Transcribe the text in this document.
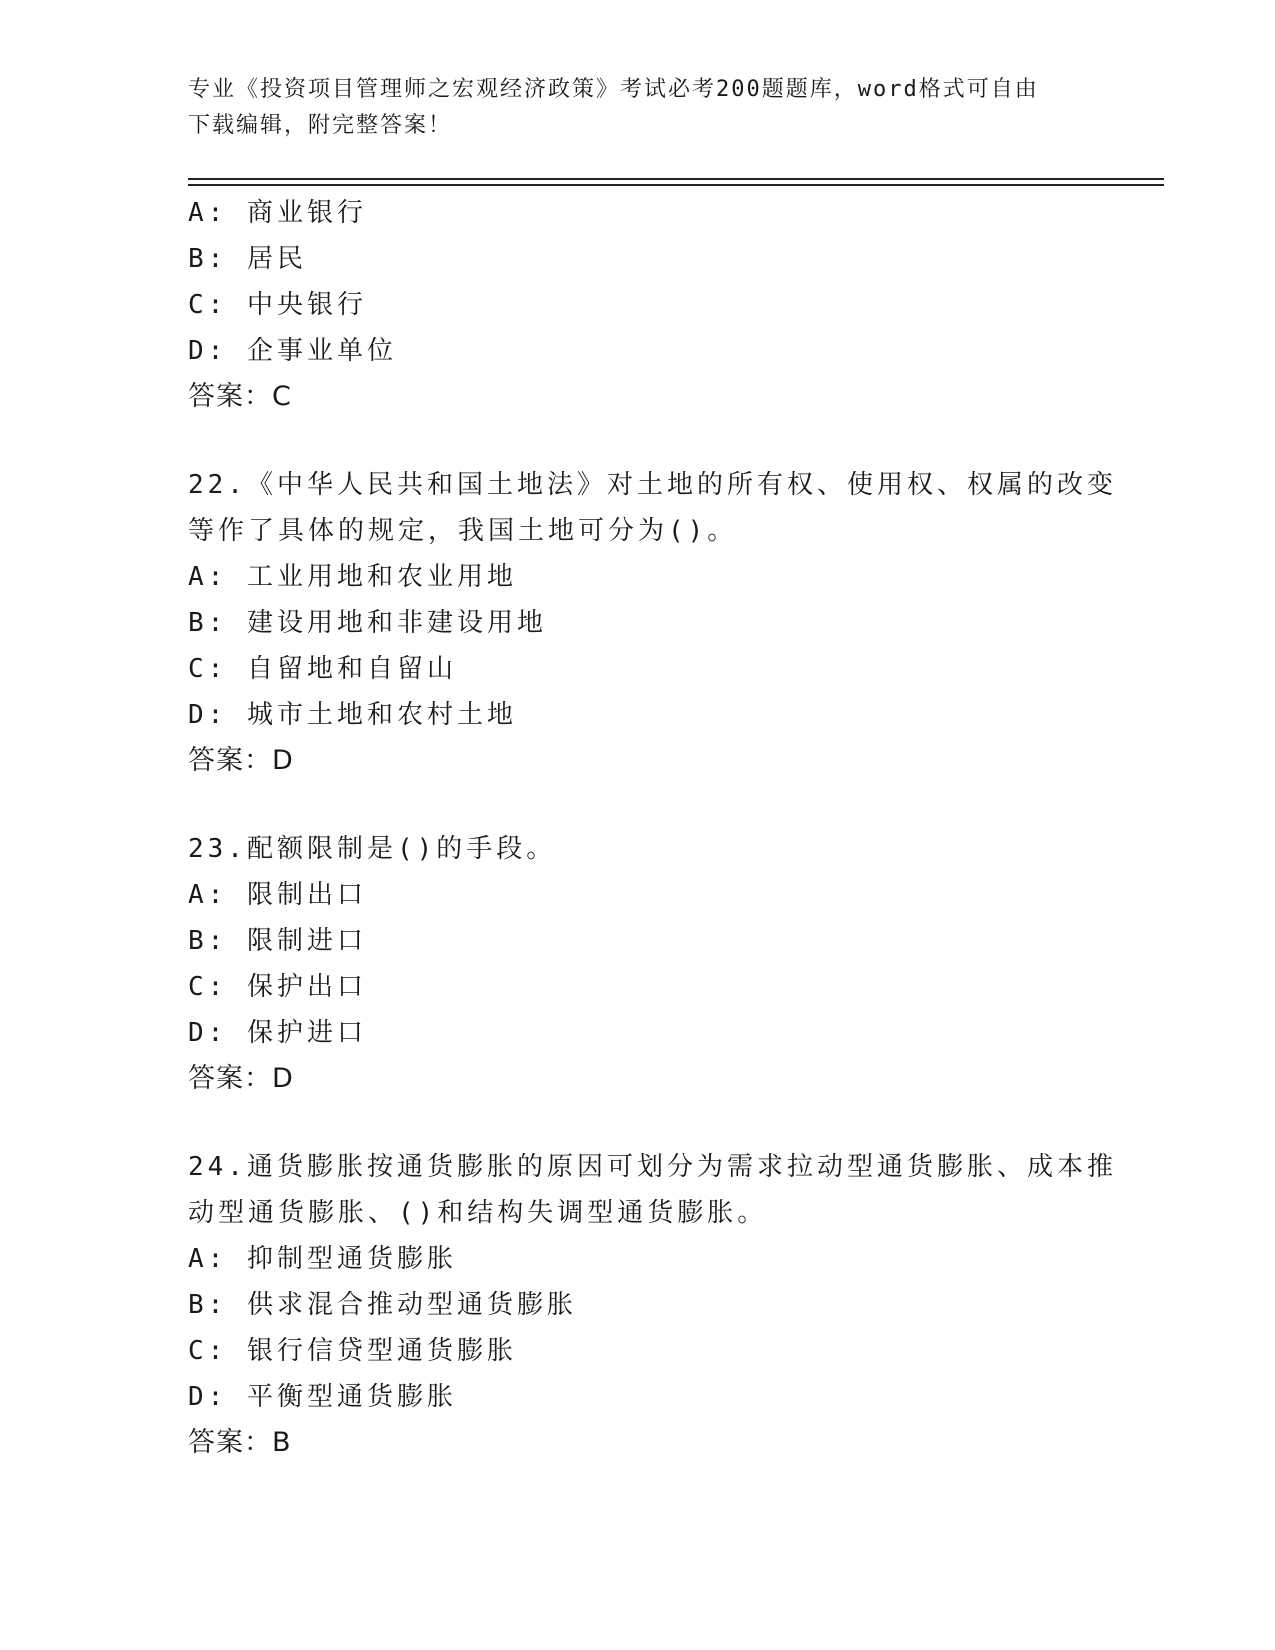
专业《投资项目管理师之宏观经济政策》考试必考200题题库，word格式可自由
下载编辑，附完整答案！
A: 商业银行
B: 居民
C: 中央银行
D: 企事业单位
答案：C
22.《中华人民共和国土地法》对土地的所有权、使用权、权属的改变
等作了具体的规定，我国土地可分为()。
A: 工业用地和农业用地
B: 建设用地和非建设用地
C: 自留地和自留山
D: 城市土地和农村土地
答案：D
23.配额限制是()的手段。
A: 限制出口
B: 限制进口
C: 保护出口
D: 保护进口
答案：D
24.通货膨胀按通货膨胀的原因可划分为需求拉动型通货膨胀、成本推
动型通货膨胀、()和结构失调型通货膨胀。
A: 抑制型通货膨胀
B: 供求混合推动型通货膨胀
C: 银行信贷型通货膨胀
D: 平衡型通货膨胀
答案：B
